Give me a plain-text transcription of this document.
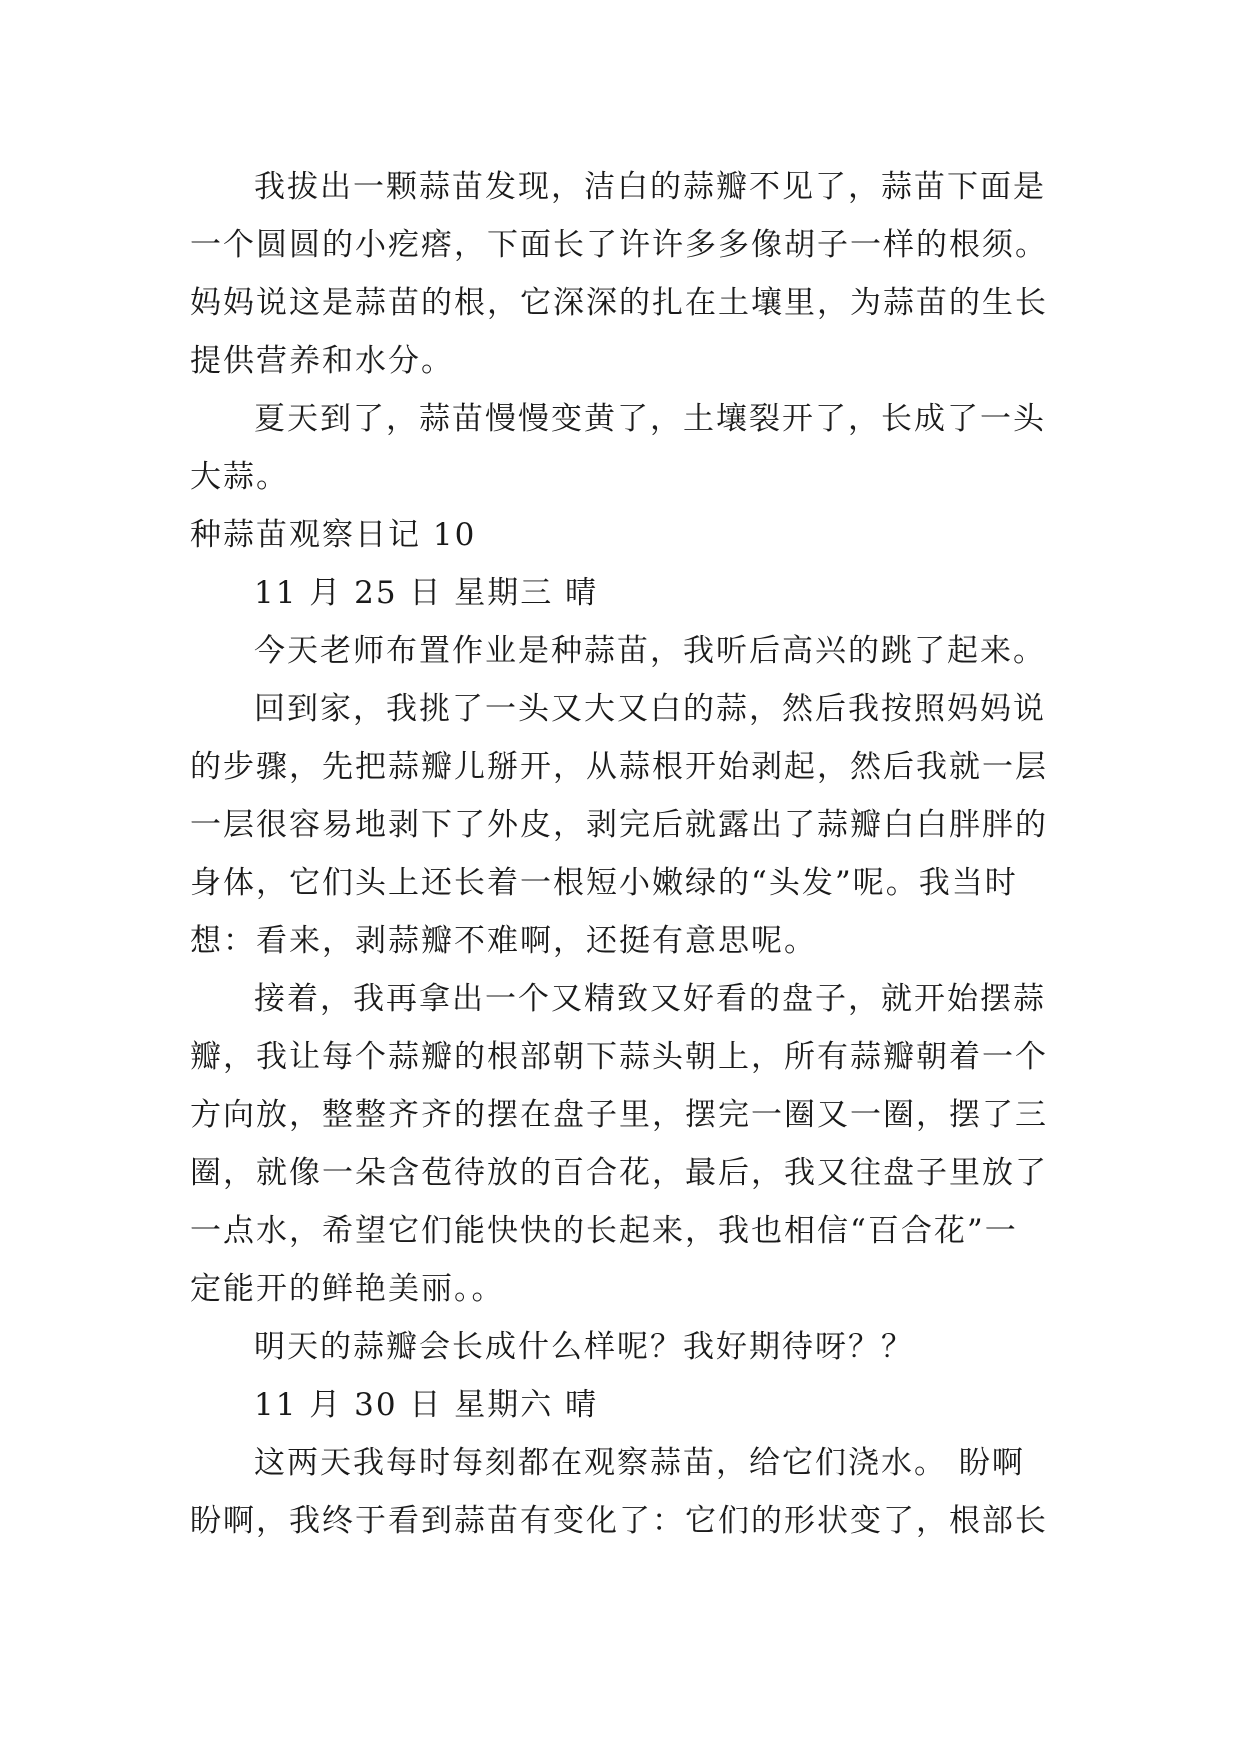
我拔出一颗蒜苗发现，洁白的蒜瓣不见了，蒜苗下面是
一个圆圆的小疙瘩，下面长了许许多多像胡子一样的根须。
妈妈说这是蒜苗的根，它深深的扎在土壤里，为蒜苗的生长
提供营养和水分。
夏天到了，蒜苗慢慢变黄了，土壤裂开了，长成了一头
大蒜。
种蒜苗观察日记 10
11 月 25 日 星期三 晴
今天老师布置作业是种蒜苗，我听后高兴的跳了起来。
回到家，我挑了一头又大又白的蒜，然后我按照妈妈说
的步骤，先把蒜瓣儿掰开，从蒜根开始剥起，然后我就一层
一层很容易地剥下了外皮，剥完后就露出了蒜瓣白白胖胖的
身体，它们头上还长着一根短小嫩绿的“头发”呢。我当时
想：看来，剥蒜瓣不难啊，还挺有意思呢。
接着，我再拿出一个又精致又好看的盘子，就开始摆蒜
瓣，我让每个蒜瓣的根部朝下蒜头朝上，所有蒜瓣朝着一个
方向放，整整齐齐的摆在盘子里，摆完一圈又一圈，摆了三
圈，就像一朵含苞待放的百合花，最后，我又往盘子里放了
一点水，希望它们能快快的长起来，我也相信“百合花”一
定能开的鲜艳美丽。。
明天的蒜瓣会长成什么样呢？我好期待呀？？
11 月 30 日 星期六 晴
这两天我每时每刻都在观察蒜苗，给它们浇水。 盼啊
盼啊，我终于看到蒜苗有变化了：它们的形状变了，根部长
